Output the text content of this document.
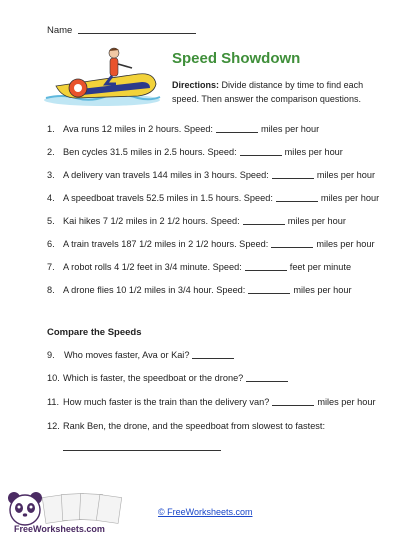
Name
Speed Showdown
Directions: Divide distance by time to find each speed. Then answer the comparison questions.
1. Ava runs 12 miles in 2 hours. Speed:	miles per hour
2. Ben cycles 31.5 miles in 2.5 hours. Speed:	miles per hour
3. A delivery van travels 144 miles in 3 hours. Speed:	miles per hour
4. A speedboat travels 52.5 miles in 1.5 hours. Speed:	miles per hour
5. Kai hikes 7 1/2 miles in 2 1/2 hours. Speed:	miles per hour
6. A train travels 187 1/2 miles in 2 1/2 hours. Speed:	miles per hour
7. A robot rolls 4 1/2 feet in 3/4 minute. Speed:	feet per minute
8. A drone flies 10 1/2 miles in 3/4 hour. Speed:	miles per hour
Compare the Speeds
9. Who moves faster, Ava or Kai?
10. Which is faster, the speedboat or the drone?
11. How much faster is the train than the delivery van?	miles per hour
12. Rank Ben, the drone, and the speedboat from slowest to fastest:
FreeWorksheets.com
© FreeWorksheets.com
